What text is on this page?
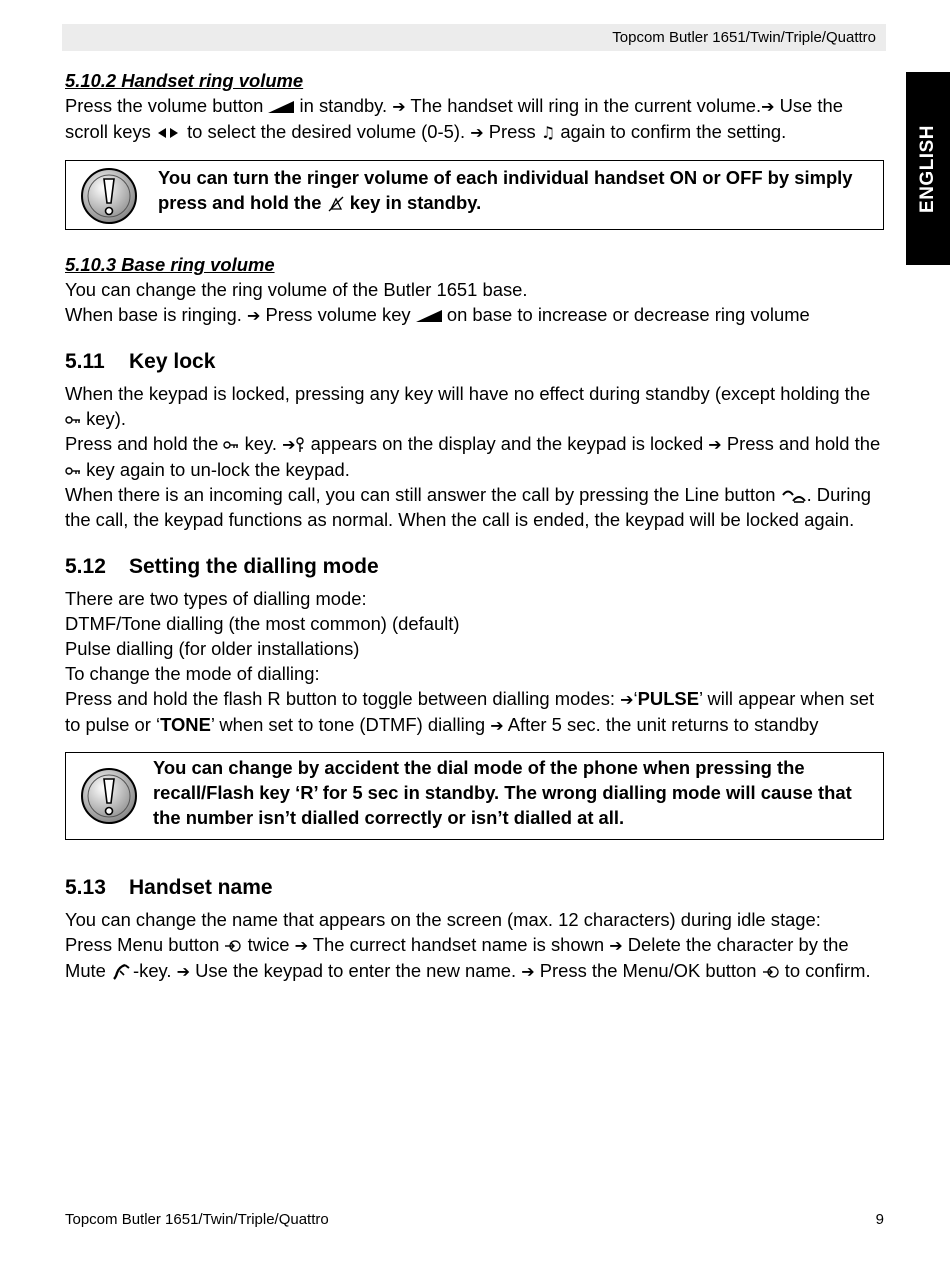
Topcom Butler 1651/Twin/Triple/Quattro
ENGLISH

5.10.2 Handset ring volume

Press the volume button  in standby. ➔ The handset will ring in the current volume.➔ Use the scroll keys  to select the desired volume (0-5). ➔ Press ♫ again to confirm the setting.

You can turn the ringer volume of each individual handset ON or OFF by simply press and hold the  key in standby.

5.10.3 Base ring volume

You can change the ring volume of the Butler 1651 base.

When base is ringing. ➔ Press volume key  on base to increase or decrease ring volume

5.11 Key lock

When the keypad is locked, pressing any key will have no effect during standby (except holding the  key).

Press and hold the  key. ➔ appears on the display and the keypad is locked ➔ Press and hold the  key again to un-lock the keypad.

When there is an incoming call, you can still answer the call by pressing the Line button . During the call, the keypad functions as normal. When the call is ended, the keypad will be locked again.

5.12 Setting the dialling mode

There are two types of dialling mode:

DTMF/Tone dialling (the most common) (default)

Pulse dialling (for older installations)

To change the mode of dialling:

Press and hold the flash R button to toggle between dialling modes: ➔‘PULSE’ will appear when set to pulse or ‘TONE’ when set to tone (DTMF) dialling ➔ After 5 sec. the unit returns to standby

You can change by accident the dial mode of the phone when pressing the recall/Flash key ‘R’ for 5 sec in standby. The wrong dialling mode will cause that the number isn’t dialled correctly or isn’t dialled at all.

5.13 Handset name

You can change the name that appears on the screen (max. 12 characters) during idle stage:

Press Menu button  twice ➔ The currect handset name is shown ➔ Delete the character by the Mute -key. ➔ Use the keypad to enter the new name. ➔ Press the Menu/OK button  to confirm.

Topcom Butler 1651/Twin/Triple/Quattro	9
